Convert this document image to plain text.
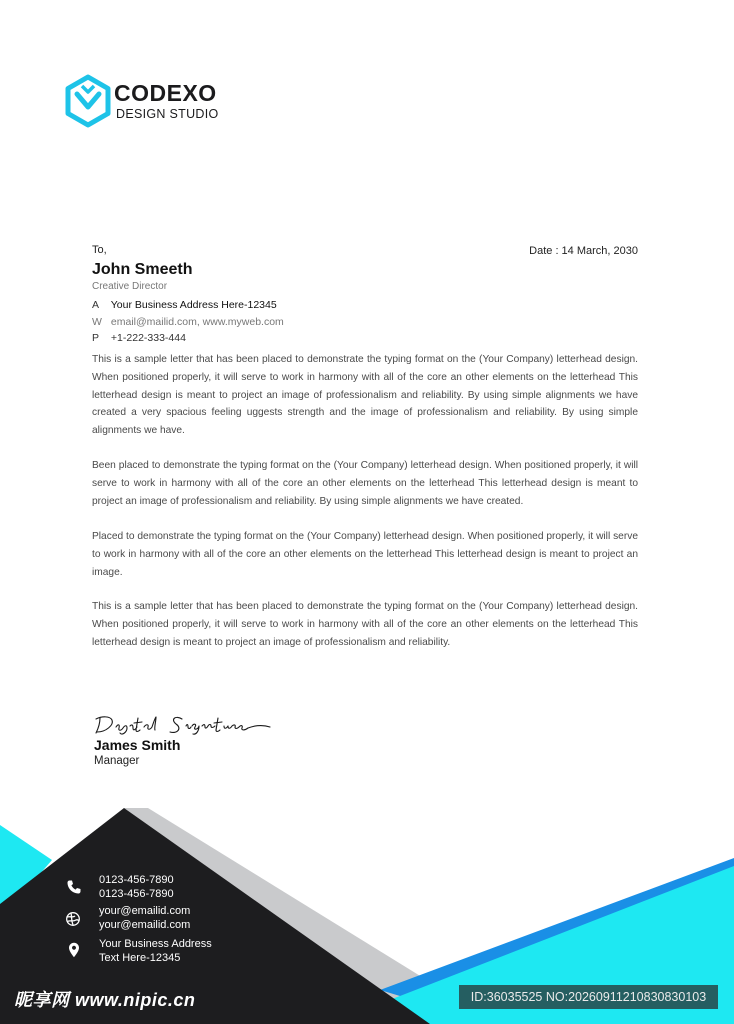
CODEXO
DESIGN STUDIO
To,	Date : 14 March, 2030
John Smeeth
Creative Director
A Your Business Address Here-12345
W email@mailid.com, www.myweb.com
P +1-222-333-444

This is a sample letter that has been placed to demonstrate the typing format on the (Your Company) letterhead design. When positioned properly, it will serve to work in harmony with all of the core an other elements on the letterhead This letterhead design is meant to project an image of professionalism and reliability. By using simple alignments we have created a very spacious feeling uggests strength and the image of professionalism and reliability. By using simple alignments we have.

Been placed to demonstrate the typing format on the (Your Company) letterhead design. When positioned properly, it will serve to work in harmony with all of the core an other elements on the letterhead This letterhead design is meant to project an image of professionalism and reliability. By using simple alignments we have created.

Placed to demonstrate the typing format on the (Your Company) letterhead design. When positioned properly, it will serve to work in harmony with all of the core an other elements on the letterhead This letterhead design is meant to project an image.

This is a sample letter that has been placed to demonstrate the typing format on the (Your Company) letterhead design. When positioned properly, it will serve to work in harmony with all of the core an other elements on the letterhead This letterhead design is meant to project an image of professionalism and reliability.

James Smith
Manager
0123-456-7890
0123-456-7890
your@emailid.com
your@emailid.com
Your Business Address
Text Here-12345
昵享网 www.nipic.cn	ID:36035525 NO:20260911210830830103
